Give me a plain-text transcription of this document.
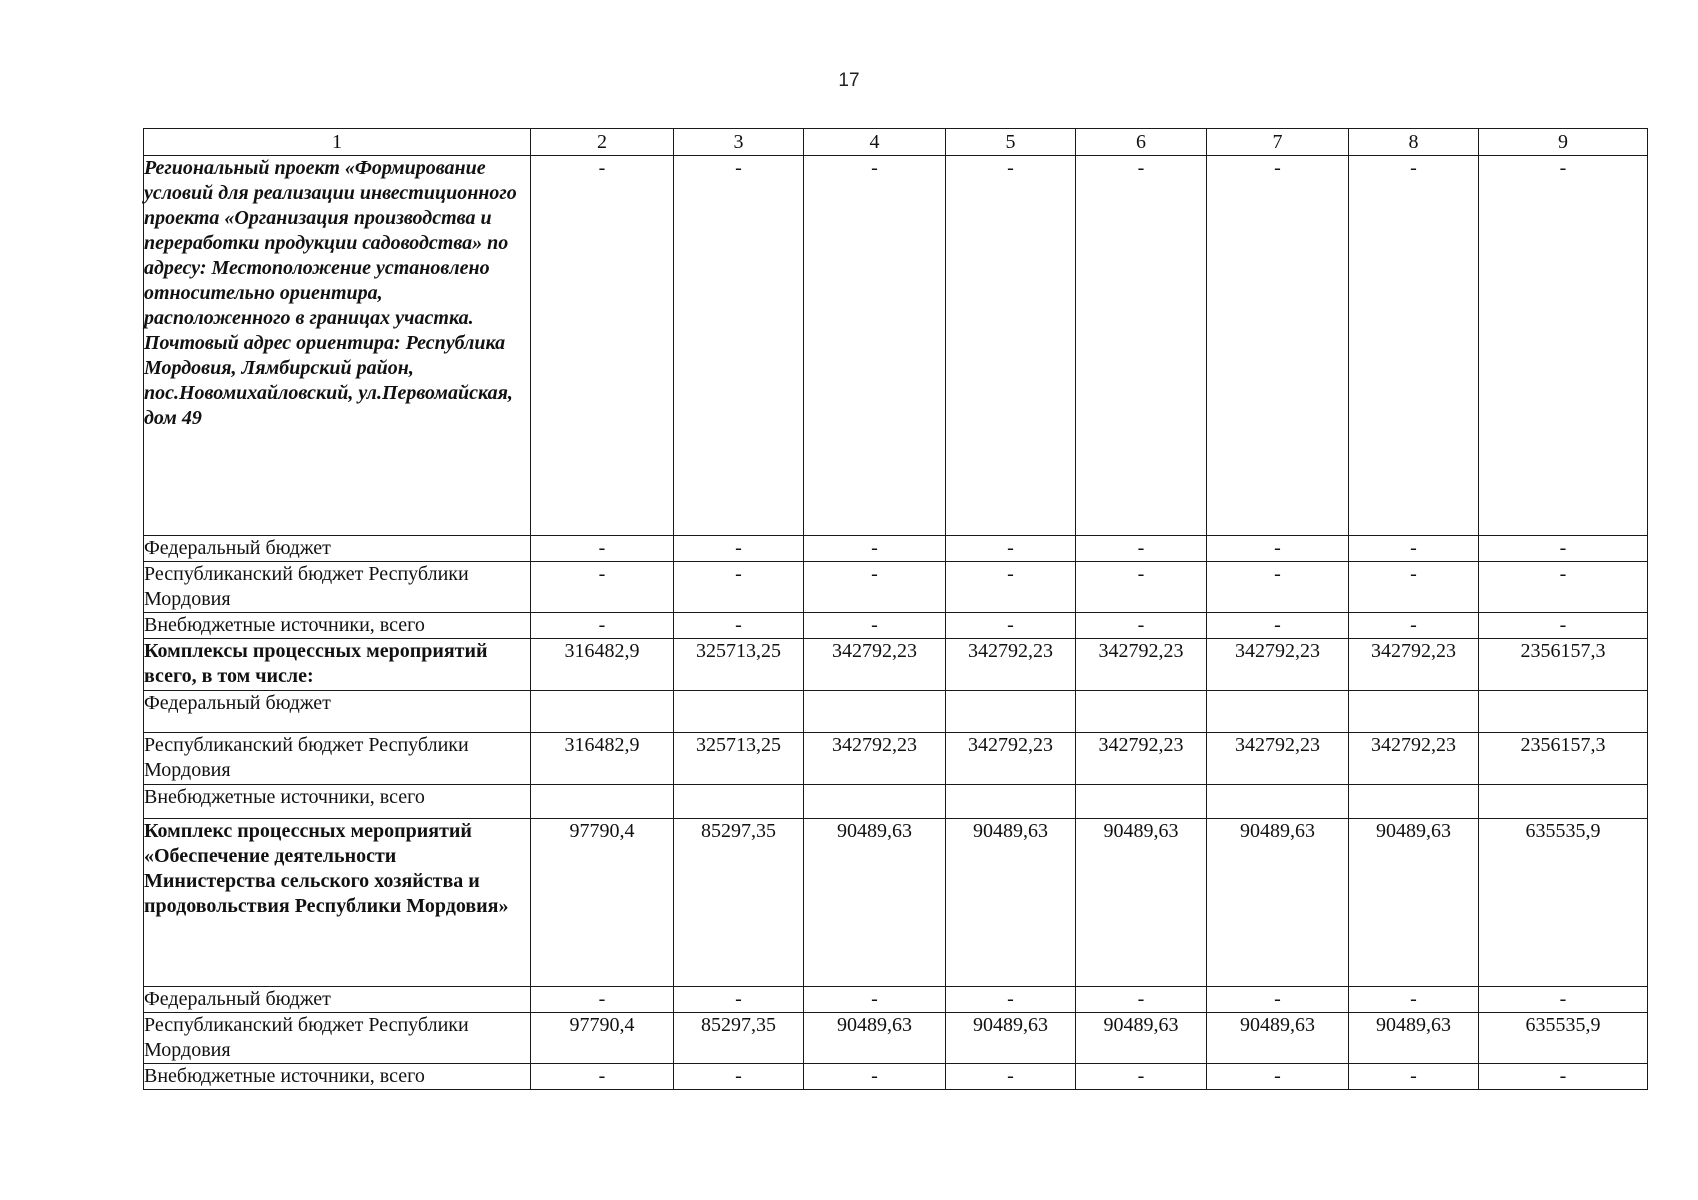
17
1	2	3	4	5	6	7	8	9
Региональный проект «Формирование условий для реализации инвестиционного проекта «Организация производства и переработки продукции садоводства» по адресу: Местоположение установлено относительно ориентира, расположенного в границах участка. Почтовый адрес ориентира: Республика Мордовия, Лямбирский район, пос.Новомихайловский, ул.Первомайская, дом 49	-	-	-	-	-	-	-	-
Федеральный бюджет	-	-	-	-	-	-	-	-
Республиканский бюджет Республики Мордовия	-	-	-	-	-	-	-	-
Внебюджетные источники, всего	-	-	-	-	-	-	-	-
Комплексы процессных мероприятий всего, в том числе:	316482,9	325713,25	342792,23	342792,23	342792,23	342792,23	342792,23	2356157,3
Федеральный бюджет								
Республиканский бюджет Республики Мордовия	316482,9	325713,25	342792,23	342792,23	342792,23	342792,23	342792,23	2356157,3
Внебюджетные источники, всего								
Комплекс процессных мероприятий «Обеспечение деятельности Министерства сельского хозяйства и продовольствия Республики Мордовия»	97790,4	85297,35	90489,63	90489,63	90489,63	90489,63	90489,63	635535,9
Федеральный бюджет	-	-	-	-	-	-	-	-
Республиканский бюджет Республики Мордовия	97790,4	85297,35	90489,63	90489,63	90489,63	90489,63	90489,63	635535,9
Внебюджетные источники, всего	-	-	-	-	-	-	-	-
